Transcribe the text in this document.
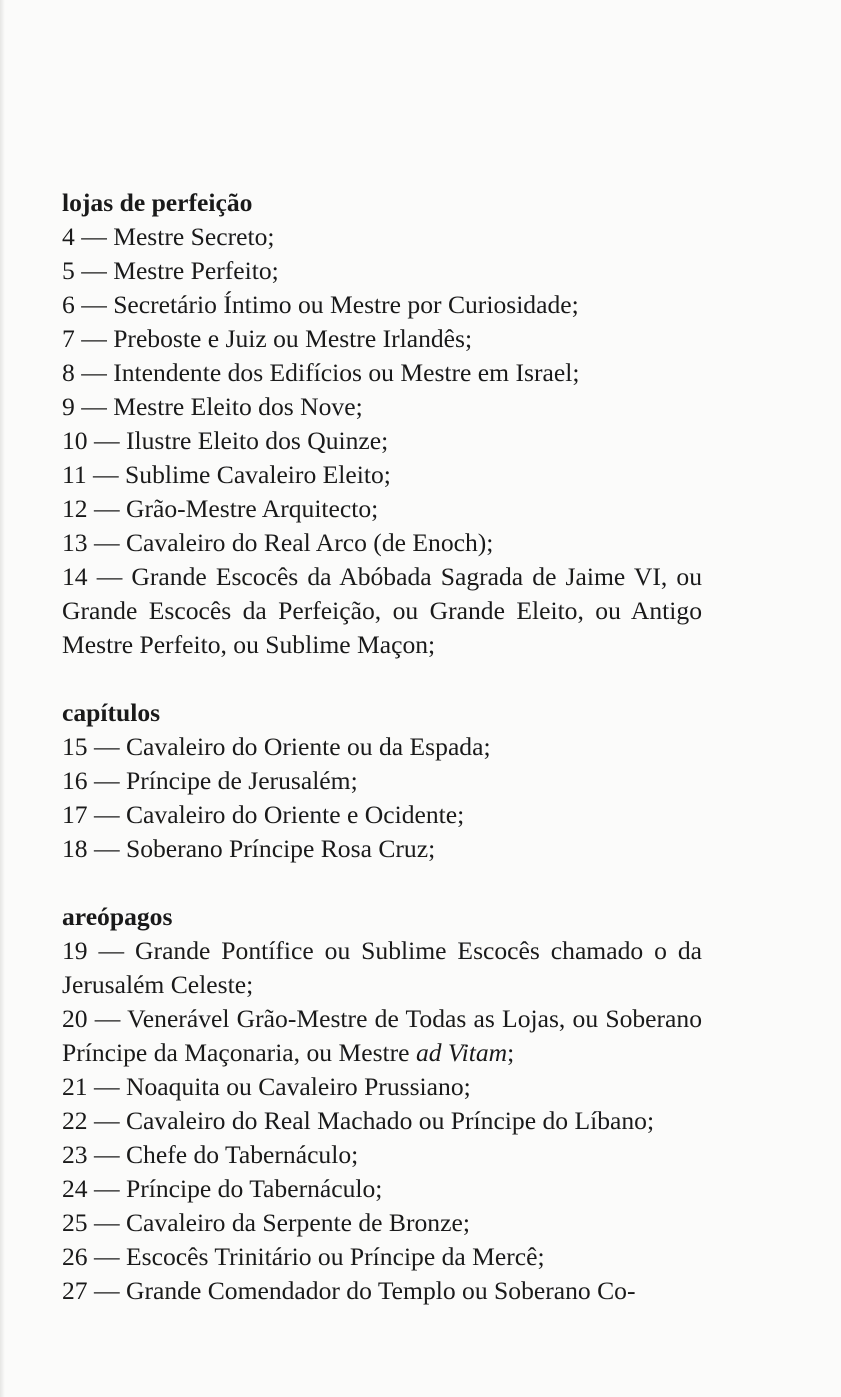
lojas de perfeição
4 — Mestre Secreto;
5 — Mestre Perfeito;
6 — Secretário Íntimo ou Mestre por Curiosidade;
7 — Preboste e Juiz ou Mestre Irlandês;
8 — Intendente dos Edifícios ou Mestre em Israel;
9 — Mestre Eleito dos Nove;
10 — Ilustre Eleito dos Quinze;
11 — Sublime Cavaleiro Eleito;
12 — Grão-Mestre Arquitecto;
13 — Cavaleiro do Real Arco (de Enoch);
14 — Grande Escocês da Abóbada Sagrada de Jaime VI, ou Grande Escocês da Perfeição, ou Grande Eleito, ou Antigo Mestre Perfeito, ou Sublime Maçon;
capítulos
15 — Cavaleiro do Oriente ou da Espada;
16 — Príncipe de Jerusalém;
17 — Cavaleiro do Oriente e Ocidente;
18 — Soberano Príncipe Rosa Cruz;
areópagos
19 — Grande Pontífice ou Sublime Escocês chamado o da Jerusalém Celeste;
20 — Venerável Grão-Mestre de Todas as Lojas, ou Soberano Príncipe da Maçonaria, ou Mestre ad Vitam;
21 — Noaquita ou Cavaleiro Prussiano;
22 — Cavaleiro do Real Machado ou Príncipe do Líbano;
23 — Chefe do Tabernáculo;
24 — Príncipe do Tabernáculo;
25 — Cavaleiro da Serpente de Bronze;
26 — Escocês Trinitário ou Príncipe da Mercê;
27 — Grande Comendador do Templo ou Soberano Co-
